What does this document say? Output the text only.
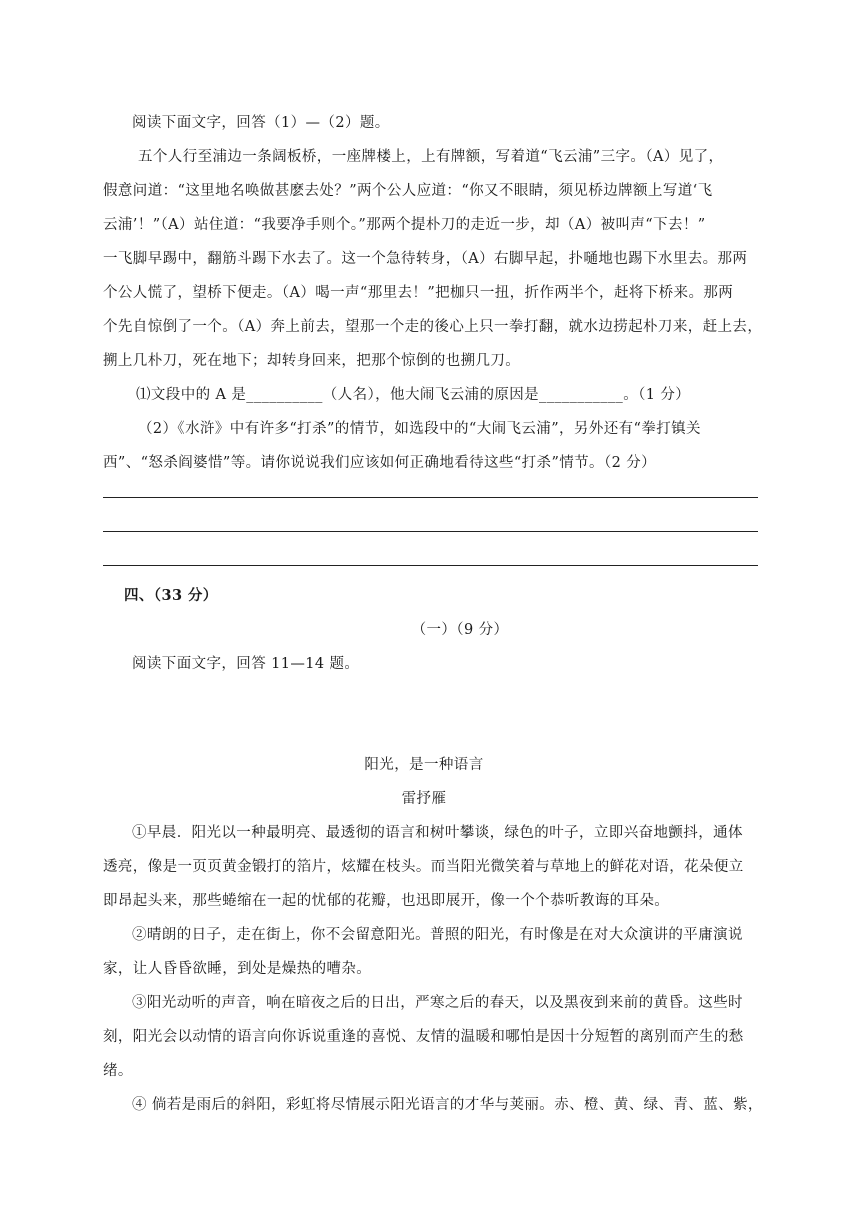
阅读下面文字，回答（1）—（2）题。
五个人行至浦边一条阔板桥，一座牌楼上，上有牌额，写着道“飞云浦”三字。（A）见了，
假意问道：“这里地名唤做甚麽去处？”两个公人应道：“你又不眼睛，须见桥边牌额上写道‘飞
云浦’！”（A）站住道：“我要净手则个。”那两个提朴刀的走近一步，却（A）被叫声“下去！”
一飞脚早踢中，翻筋斗踢下水去了。这一个急待转身，（A）右脚早起，扑嗵地也踢下水里去。那两
个公人慌了，望桥下便走。（A）喝一声“那里去！”把枷只一扭，折作两半个，赶将下桥来。那两
个先自惊倒了一个。（A）奔上前去，望那一个走的後心上只一拳打翻，就水边捞起朴刀来，赶上去，
搠上几朴刀，死在地下；却转身回来，把那个惊倒的也搠几刀。
⑴文段中的 A 是__________（人名），他大闹飞云浦的原因是___________。（1 分）
（2）《水浒》中有许多“打杀”的情节，如选段中的“大闹飞云浦”，另外还有“拳打镇关
西”、“怒杀阎婆惜”等。请你说说我们应该如何正确地看待这些“打杀”情节。（2 分）
四、（33 分）
（一）（9 分）
阅读下面文字，回答 11—14 题。
阳光，是一种语言
雷抒雁
①早晨．阳光以一种最明亮、最透彻的语言和树叶攀谈，绿色的叶子，立即兴奋地颤抖，通体
透亮，像是一页页黄金锻打的箔片，炫耀在枝头。而当阳光微笑着与草地上的鲜花对语，花朵便立
即昂起头来，那些蜷缩在一起的忧郁的花瓣，也迅即展开，像一个个恭听教诲的耳朵。
②晴朗的日子，走在街上，你不会留意阳光。普照的阳光，有时像是在对大众演讲的平庸演说
家，让人昏昏欲睡，到处是燥热的嘈杂。
③阳光动听的声音，响在暗夜之后的日出，严寒之后的春天，以及黑夜到来前的黄昏。这些时
刻，阳光会以动情的语言向你诉说重逢的喜悦、友情的温暖和哪怕是因十分短暂的离别而产生的愁
绪。
④ 倘若是雨后的斜阳，彩虹将尽情展示阳光语言的才华与荚丽。赤、橙、黄、绿、青、蓝、紫，
